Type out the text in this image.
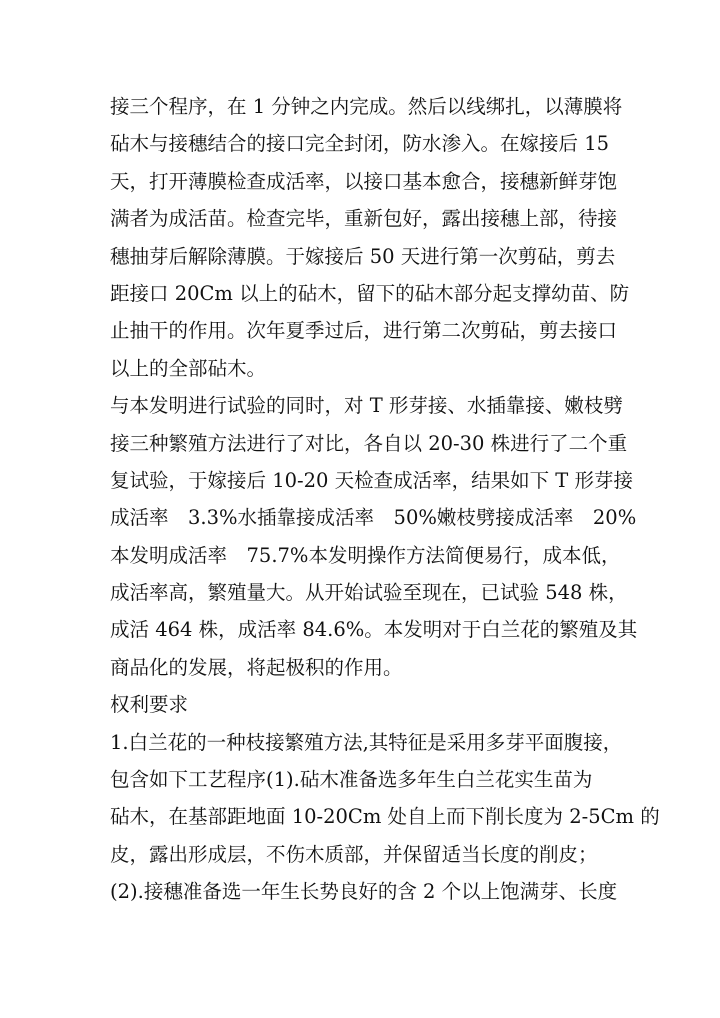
接三个程序，在 1 分钟之内完成。然后以线绑扎，以薄膜将
砧木与接穗结合的接口完全封闭，防水渗入。在嫁接后 15
天，打开薄膜检查成活率，以接口基本愈合，接穗新鲜芽饱
满者为成活苗。检查完毕，重新包好，露出接穗上部，待接
穗抽芽后解除薄膜。于嫁接后 50 天进行第一次剪砧，剪去
距接口 20Cm 以上的砧木，留下的砧木部分起支撑幼苗、防
止抽干的作用。次年夏季过后，进行第二次剪砧，剪去接口
以上的全部砧木。
与本发明进行试验的同时，对 T 形芽接、水插靠接、嫩枝劈
接三种繁殖方法进行了对比，各自以 20-30 株进行了二个重
复试验，于嫁接后 10-20 天检查成活率，结果如下 T 形芽接
成活率　3.3%水插靠接成活率　50%嫩枝劈接成活率　20%
本发明成活率　75.7%本发明操作方法简便易行，成本低，
成活率高，繁殖量大。从开始试验至现在，已试验 548 株，
成活 464 株，成活率 84.6%。本发明对于白兰花的繁殖及其
商品化的发展，将起极积的作用。
权利要求
1.白兰花的一种枝接繁殖方法,其特征是采用多芽平面腹接，
包含如下工艺程序(1).砧木准备选多年生白兰花实生苗为
砧木，在基部距地面 10-20Cm 处自上而下削长度为 2-5Cm 的
皮，露出形成层，不伤木质部，并保留适当长度的削皮；
(2).接穗准备选一年生长势良好的含 2 个以上饱满芽、长度
